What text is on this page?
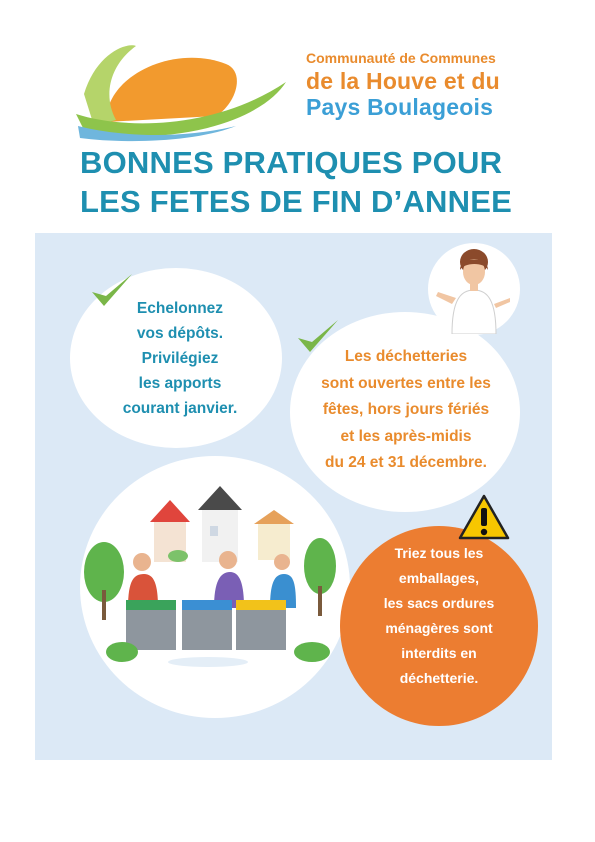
Communauté de Communes
de la Houve et du
Pays Boulageois
BONNES PRATIQUES POUR
LES FETES DE FIN D’ANNEE
Echelonnez
vos dépôts.
Privilégiez
les apports
courant janvier.
Les déchetteries
sont ouvertes entre les
fêtes, hors jours fériés
et les après-midis
du 24 et 31 décembre.
Triez tous les
emballages,
les sacs ordures
ménagères sont
interdits en
déchetterie.
